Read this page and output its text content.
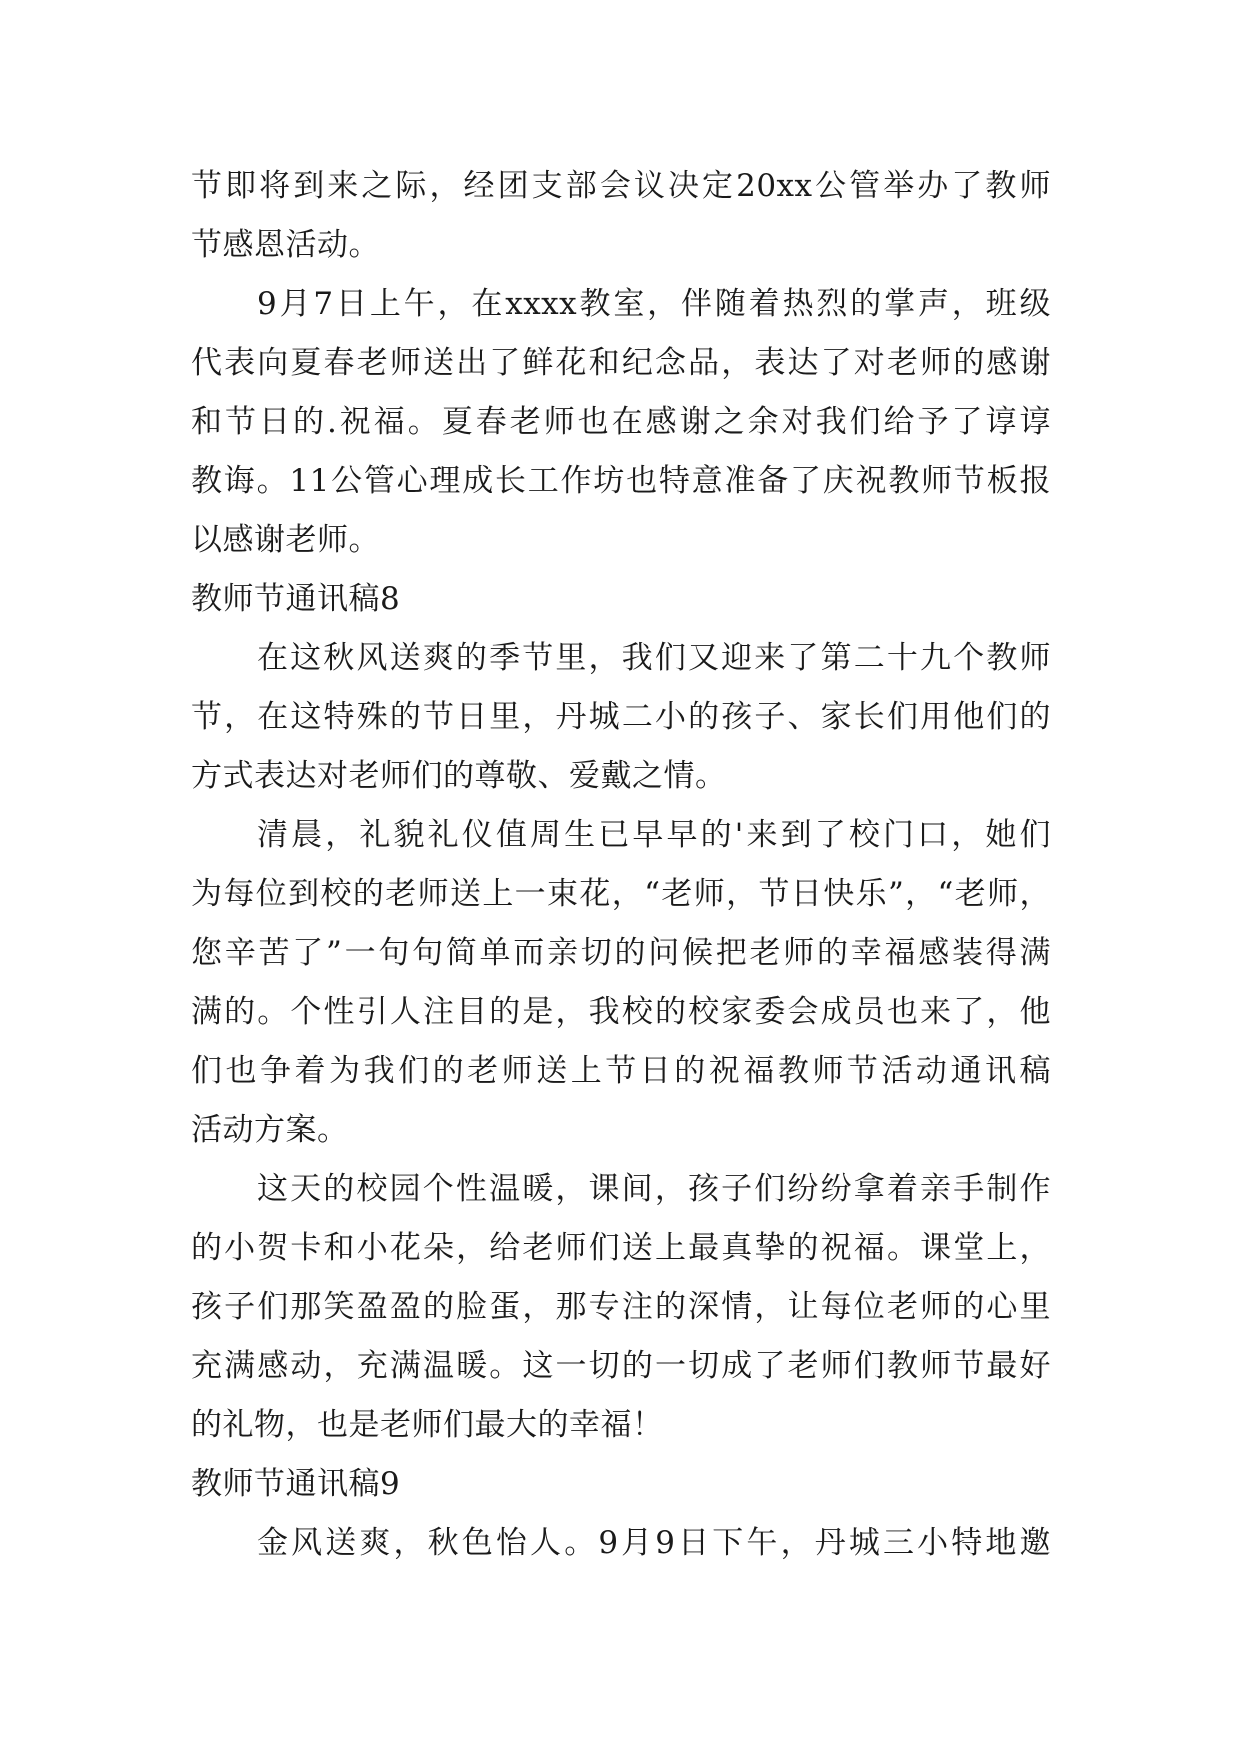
节即将到来之际，经团支部会议决定20xx公管举办了教师
节感恩活动。
9月7日上午，在xxxx教室，伴随着热烈的掌声，班级
代表向夏春老师送出了鲜花和纪念品，表达了对老师的感谢
和节日的.祝福。夏春老师也在感谢之余对我们给予了谆谆
教诲。11公管心理成长工作坊也特意准备了庆祝教师节板报
以感谢老师。
教师节通讯稿8
在这秋风送爽的季节里，我们又迎来了第二十九个教师
节，在这特殊的节日里，丹城二小的孩子、家长们用他们的
方式表达对老师们的尊敬、爱戴之情。
清晨，礼貌礼仪值周生已早早的'来到了校门口，她们
为每位到校的老师送上一束花，“老师，节日快乐”，“老师，
您辛苦了”一句句简单而亲切的问候把老师的幸福感装得满
满的。个性引人注目的是，我校的校家委会成员也来了，他
们也争着为我们的老师送上节日的祝福教师节活动通讯稿
活动方案。
这天的校园个性温暖，课间，孩子们纷纷拿着亲手制作
的小贺卡和小花朵，给老师们送上最真挚的祝福。课堂上，
孩子们那笑盈盈的脸蛋，那专注的深情，让每位老师的心里
充满感动，充满温暖。这一切的一切成了老师们教师节最好
的礼物，也是老师们最大的幸福！
教师节通讯稿9
金风送爽，秋色怡人。9月9日下午，丹城三小特地邀
